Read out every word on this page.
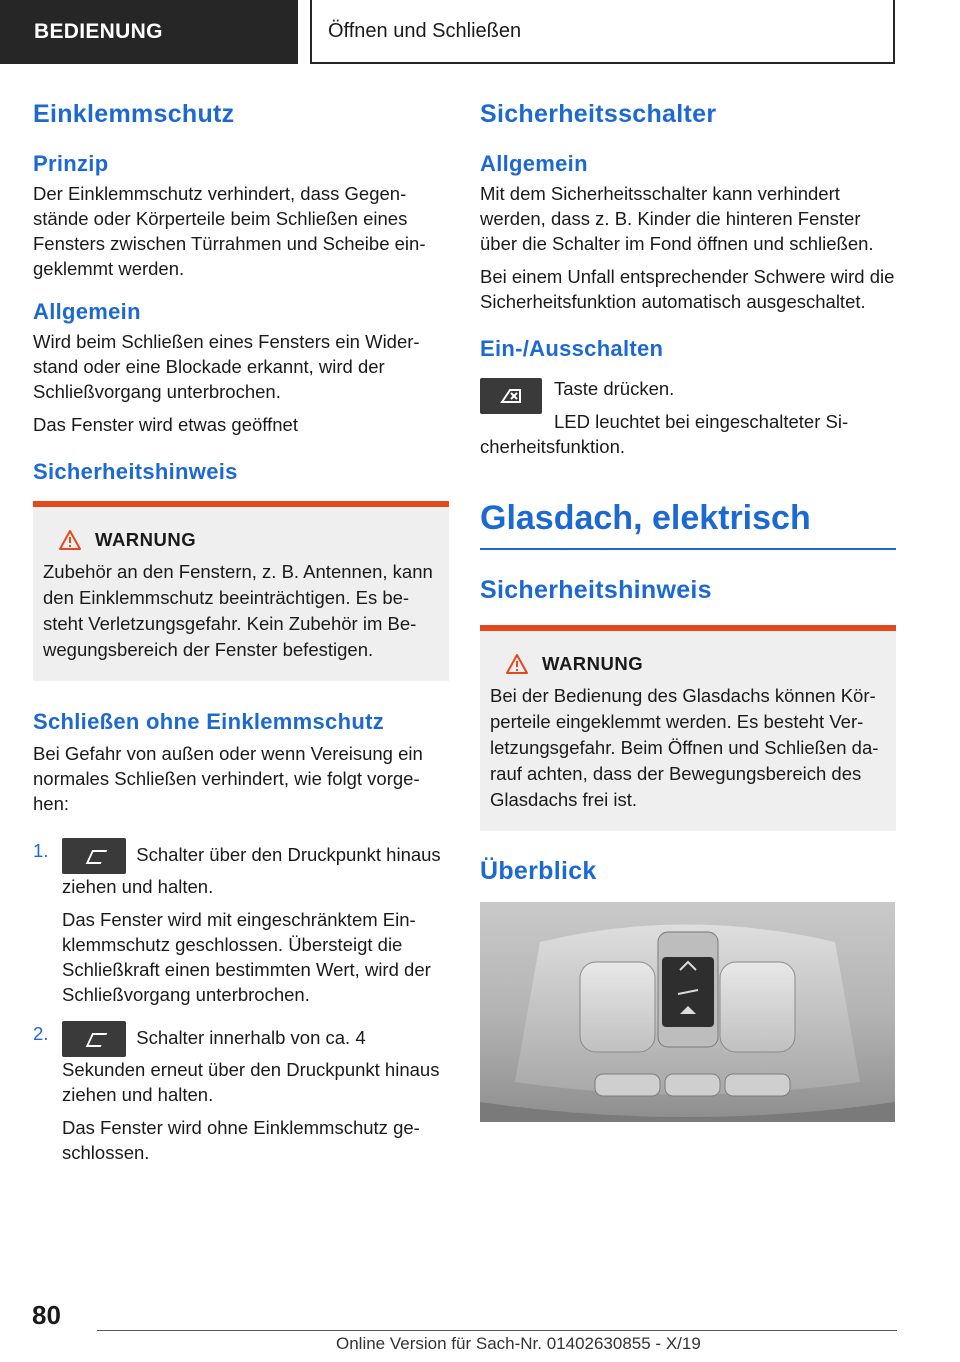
BEDIENUNG	Öffnen und Schließen
Einklemmschutz
Prinzip

Der Einklemmschutz verhindert, dass Gegenstände oder Körperteile beim Schließen eines Fensters zwischen Türrahmen und Scheibe eingeklemmt werden.

Allgemein

Wird beim Schließen eines Fensters ein Widerstand oder eine Blockade erkannt, wird der Schließvorgang unterbrochen.

Das Fenster wird etwas geöffnet

Sicherheitshinweis
WARNUNG

Zubehör an den Fenstern, z. B. Antennen, kann den Einklemmschutz beeinträchtigen. Es besteht Verletzungsgefahr. Kein Zubehör im Bewegungsbereich der Fenster befestigen.

Schließen ohne Einklemmschutz

Bei Gefahr von außen oder wenn Vereisung ein normales Schließen verhindert, wie folgt vorgehen:

1.	Schalter über den Druckpunkt hinaus ziehen und halten.

Das Fenster wird mit eingeschränktem Einklemmschutz geschlossen. Übersteigt die Schließkraft einen bestimmten Wert, wird der Schließvorgang unterbrochen.

2.	Schalter innerhalb von ca. 4 Sekunden erneut über den Druckpunkt hinaus ziehen und halten.

Das Fenster wird ohne Einklemmschutz geschlossen.

Sicherheitsschalter
Allgemein

Mit dem Sicherheitsschalter kann verhindert werden, dass z. B. Kinder die hinteren Fenster über die Schalter im Fond öffnen und schließen.

Bei einem Unfall entsprechender Schwere wird die Sicherheitsfunktion automatisch ausgeschaltet.

Ein-/Ausschalten

Taste drücken.

LED leuchtet bei eingeschalteter Sicherheitsfunktion.

Glasdach, elektrisch
Sicherheitshinweis
WARNUNG

Bei der Bedienung des Glasdachs können Körperteile eingeklemmt werden. Es besteht Verletzungsgefahr. Beim Öffnen und Schließen darauf achten, dass der Bewegungsbereich des Glasdachs frei ist.

Überblick
80
Online Version für Sach-Nr. 01402630855 - X/19
